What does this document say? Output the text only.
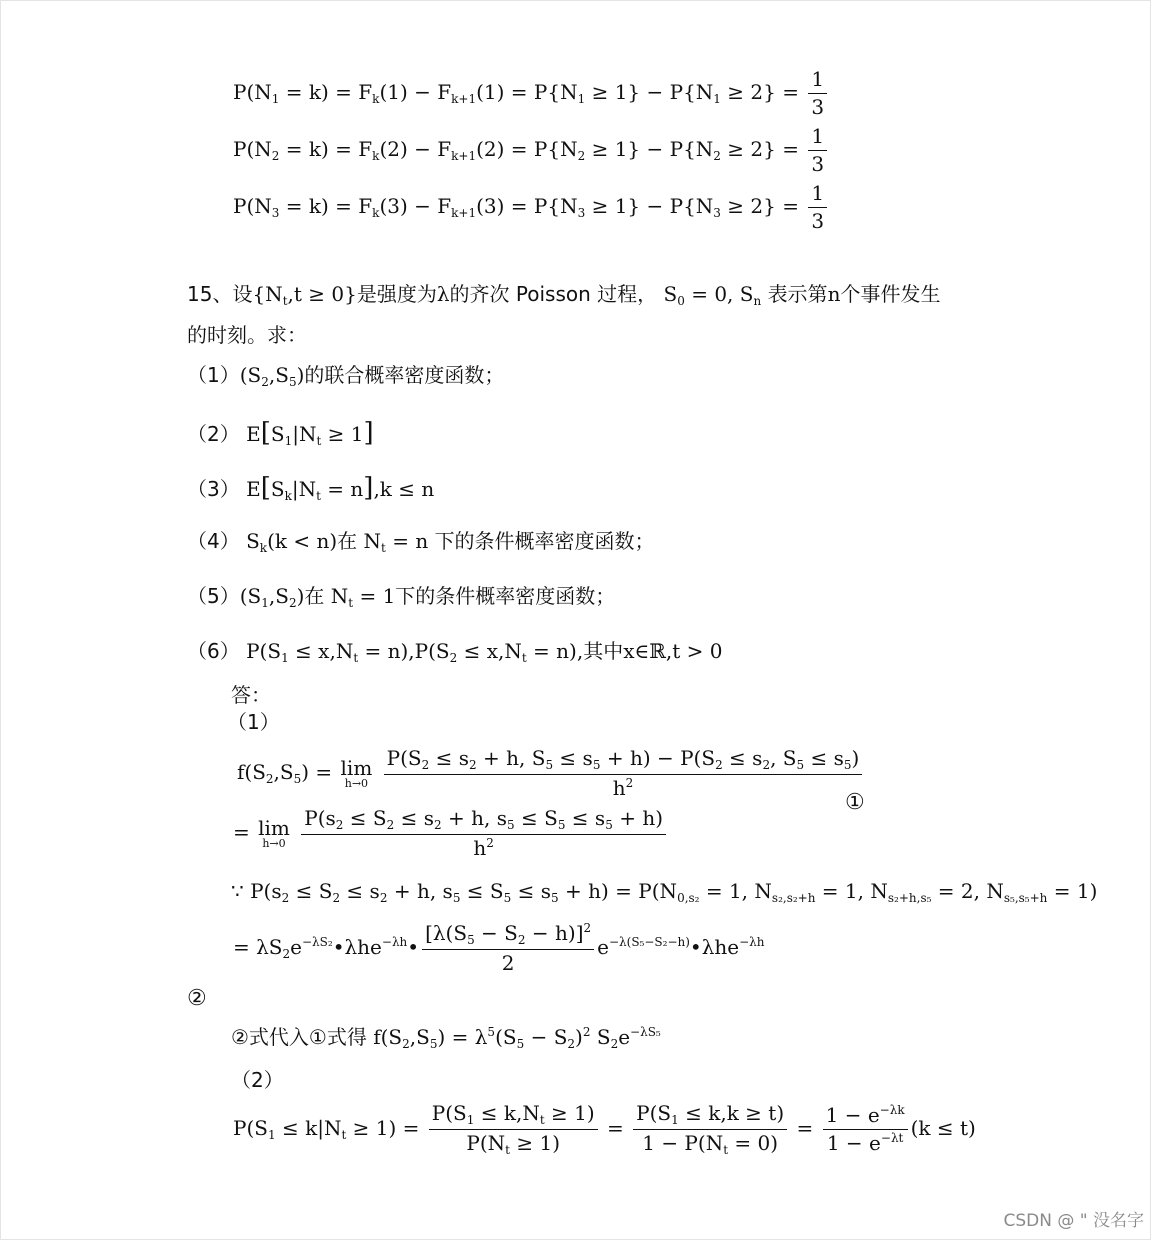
$P(N_1 = k) = F_k(1) - F_{k+1}(1) = P\{N_1 \ge 1\} - P\{N_1 \ge 2\} = \frac{1}{3}$
$P(N_2 = k) = F_k(2) - F_{k+1}(2) = P\{N_2 \ge 1\} - P\{N_2 \ge 2\} = \frac{1}{3}$
$P(N_3 = k) = F_k(3) - F_{k+1}(3) = P\{N_3 \ge 1\} - P\{N_3 \ge 2\} = \frac{1}{3}$
15、设$\{N_t,t \ge 0\}$是强度为λ的齐次 Poisson 过程， $S_0 = 0$, $S_n$ 表示第n个事件发生
的时刻。求：
$(1)(S_2,S_5)$的联合概率密度函数；
（2） $E[S_1|N_t \ge 1]$
（3） $E[S_k|N_t = n],k \le n$
（4） $S_k(k < n)$在 $N_t = n$ 下的条件概率密度函数；
$(5)(S_1,S_2)$在 $N_t = 1$下的条件概率密度函数；
（6） $P(S_1 \le x,N_t = n),P(S_2 \le x,N_t = n)$,其中x∈ℝ,t > 0
答：
（1）
$f(S_2,S_5) = \lim$
h→0
$\frac{P(S_2 \le s_2 + h, S_5 \le s_5 + h) - P(S_2 \le s_2, S_5 \le s_5)}{h^2}$
①
= lim
h→0
$\frac{P(s_2 \le S_2 \le s_2 + h, s_5 \le S_5 \le s_5 + h)}{h^2}$
∵ $P(s_2 \le S_2 \le s_2 + h$, $s_5 \le S_5 \le s_5 + h) = P(N_{0,s_2} = 1$, $N_{s_2,s_2+h} = 1$, $N_{s_2+h,s_5} = 2$, $N_{s_5,s_5+h} = 1$)
= $\lambda S_2e^{-\lambda S_2}•\lambda he^{-\lambda h}• \frac{[\lambda(S_5 - S_2 - h)]^2}{2}$ $e^{-\lambda(S_5-S_2-h)}•\lambda he^{-\lambda h}$
②
②式代入①式得 $f(S_2,S_5) = \lambda^5(S_5 - S_2)^2$ $S_2e^{-\lambda S_5}$
（2）
$P(S_1 \le k|N_t \ge 1) = \frac{P(S_1 \le k,N_t \ge 1)}{P(N_t \ge 1)} = \frac{P(S_1 \le k,k \ge t)}{1 - P(N_t = 0)} = \frac{1 - e^{-\lambda k}}{1 - e^{-\lambda t}} (k \le t)$
CSDN @ " 没名字
